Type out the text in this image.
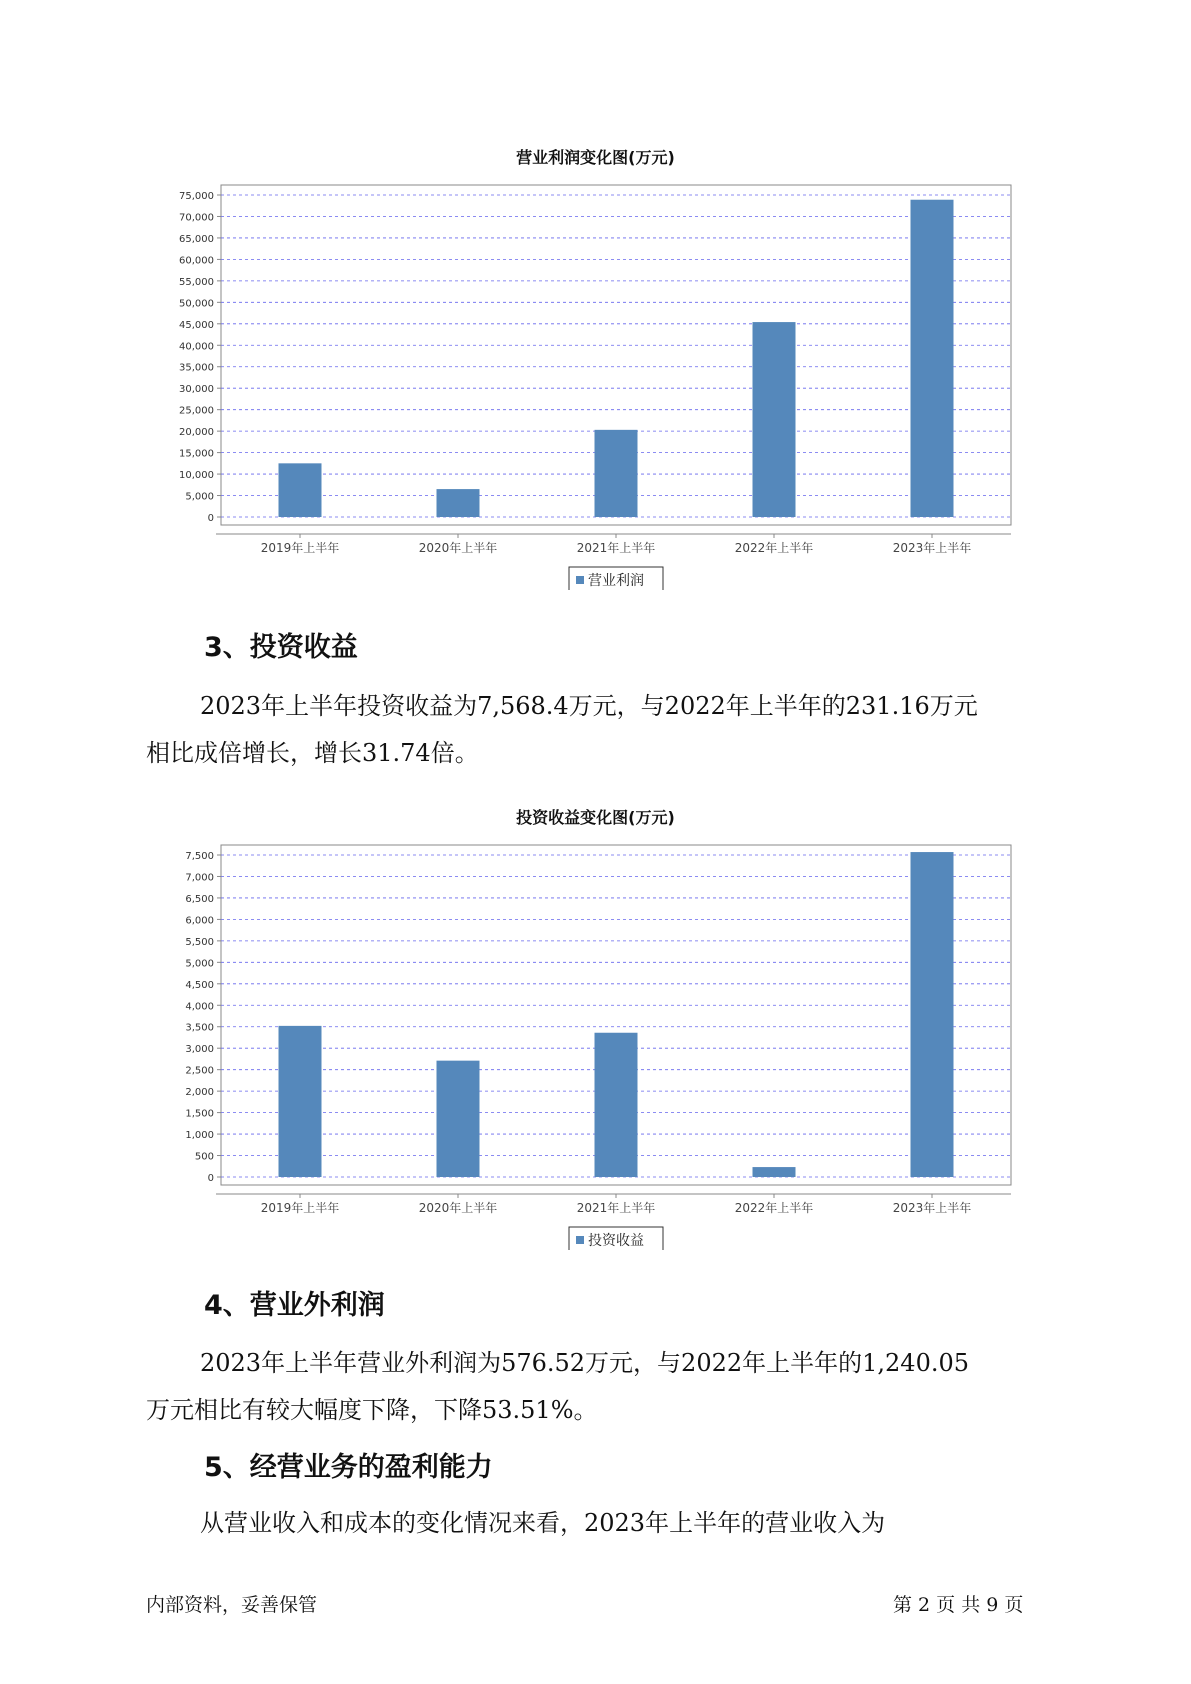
营业利润变化图(万元)
0
5,000
10,000
15,000
20,000
25,000
30,000
35,000
40,000
45,000
50,000
55,000
60,000
65,000
70,000
75,000
2019年上半年	2020年上半年	2021年上半年	2022年上半年	2023年上半年
营业利润
3、投资收益

2023年上半年投资收益为7,568.4万元，与2022年上半年的231.16万元
相比成倍增长，增长31.74倍。

投资收益变化图(万元)
0
500
1,000
1,500
2,000
2,500
3,000
3,500
4,000
4,500
5,000
5,500
6,000
6,500
7,000
7,500
2019年上半年	2020年上半年	2021年上半年	2022年上半年	2023年上半年
投资收益
4、营业外利润

2023年上半年营业外利润为576.52万元，与2022年上半年的1,240.05
万元相比有较大幅度下降，下降53.51%。

5、经营业务的盈利能力

从营业收入和成本的变化情况来看，2023年上半年的营业收入为

内部资料，妥善保管	第 2 页 共 9 页
